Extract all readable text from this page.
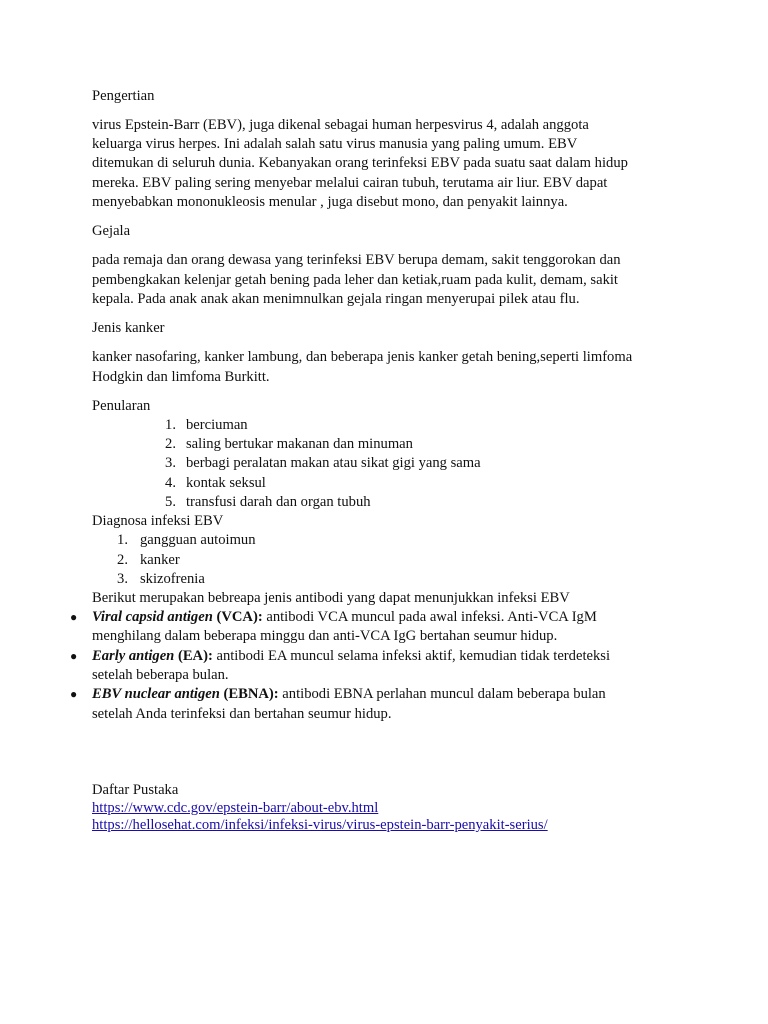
Pengertian
virus Epstein-Barr (EBV), juga dikenal sebagai human herpesvirus 4, adalah anggota
keluarga virus herpes. Ini adalah salah satu virus manusia yang paling umum. EBV
ditemukan di seluruh dunia. Kebanyakan orang terinfeksi EBV pada suatu saat dalam hidup
mereka. EBV paling sering menyebar melalui cairan tubuh, terutama air liur. EBV dapat
menyebabkan mononukleosis menular , juga disebut mono, dan penyakit lainnya.
Gejala
pada remaja dan orang dewasa yang terinfeksi EBV berupa demam, sakit tenggorokan dan
pembengkakan kelenjar getah bening pada leher dan ketiak,ruam pada kulit, demam, sakit
kepala. Pada anak anak akan menimnulkan gejala ringan menyerupai pilek atau flu.
Jenis kanker
kanker nasofaring, kanker lambung, dan beberapa jenis kanker getah bening,seperti limfoma
Hodgkin dan limfoma Burkitt.
Penularan
1. berciuman
2. saling bertukar makanan dan minuman
3. berbagi peralatan makan atau sikat gigi yang sama
4. kontak seksul
5. transfusi darah dan organ tubuh
Diagnosa infeksi EBV
1. gangguan autoimun
2. kanker
3. skizofrenia
Berikut merupakan bebreapa jenis antibodi yang dapat menunjukkan infeksi EBV
● Viral capsid antigen (VCA): antibodi VCA muncul pada awal infeksi. Anti-VCA IgM
menghilang dalam beberapa minggu dan anti-VCA IgG bertahan seumur hidup.
● Early antigen (EA): antibodi EA muncul selama infeksi aktif, kemudian tidak terdeteksi
setelah beberapa bulan.
● EBV nuclear antigen (EBNA): antibodi EBNA perlahan muncul dalam beberapa bulan
setelah Anda terinfeksi dan bertahan seumur hidup.
Daftar Pustaka
https://www.cdc.gov/epstein-barr/about-ebv.html
https://hellosehat.com/infeksi/infeksi-virus/virus-epstein-barr-penyakit-serius/
